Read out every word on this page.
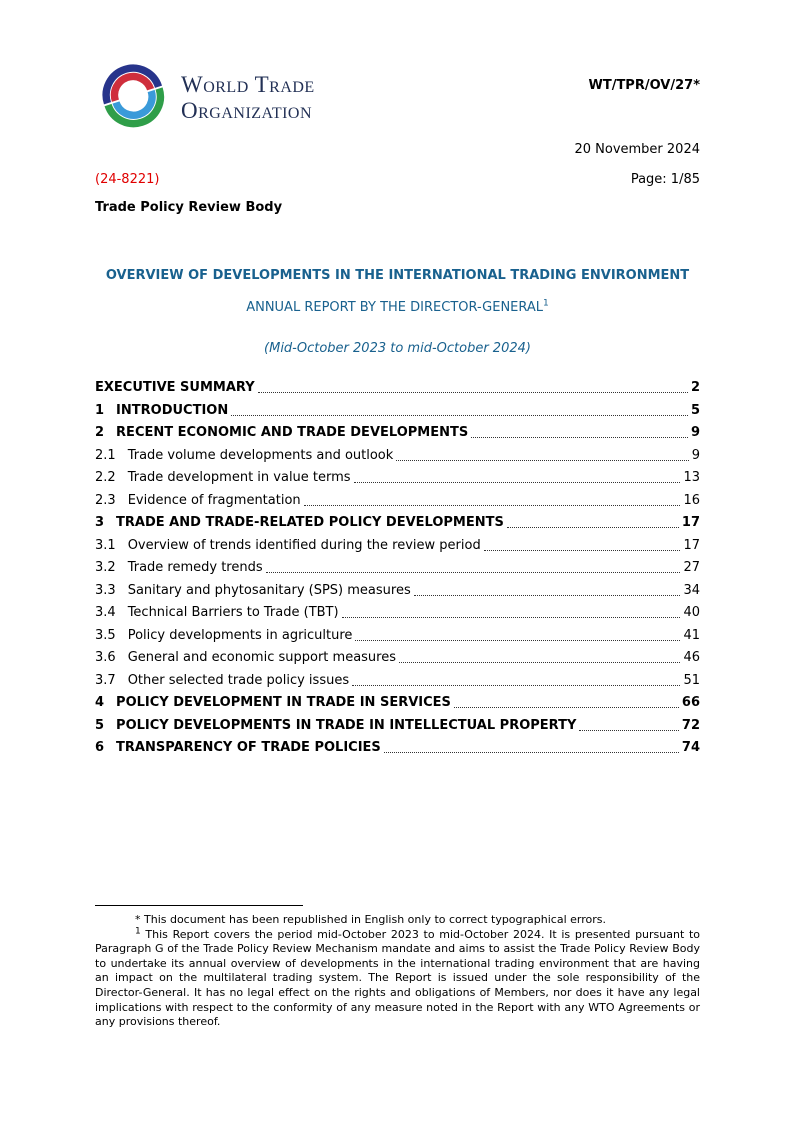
World Trade
Organization
WT/TPR/OV/27*
20 November 2024
(24-8221)	Page: 1/85
Trade Policy Review Body
OVERVIEW OF DEVELOPMENTS IN THE INTERNATIONAL TRADING ENVIRONMENT
ANNUAL REPORT BY THE DIRECTOR-GENERAL$^1$
(Mid-October 2023 to mid-October 2024)
EXECUTIVE SUMMARY	2
1 INTRODUCTION	5
2 RECENT ECONOMIC AND TRADE DEVELOPMENTS	9
2.1 Trade volume developments and outlook	9
2.2 Trade development in value terms	13
2.3 Evidence of fragmentation	16
3 TRADE AND TRADE-RELATED POLICY DEVELOPMENTS	17
3.1 Overview of trends identified during the review period	17
3.2 Trade remedy trends	27
3.3 Sanitary and phytosanitary (SPS) measures	34
3.4 Technical Barriers to Trade (TBT)	40
3.5 Policy developments in agriculture	41
3.6 General and economic support measures	46
3.7 Other selected trade policy issues	51
4 POLICY DEVELOPMENT IN TRADE IN SERVICES	66
5 POLICY DEVELOPMENTS IN TRADE IN INTELLECTUAL PROPERTY	72
6 TRANSPARENCY OF TRADE POLICIES	74

* This document has been republished in English only to correct typographical errors.

$^1$ This Report covers the period mid-October 2023 to mid-October 2024. It is presented pursuant to Paragraph G of the Trade Policy Review Mechanism mandate and aims to assist the Trade Policy Review Body to undertake its annual overview of developments in the international trading environment that are having an impact on the multilateral trading system. The Report is issued under the sole responsibility of the Director-General. It has no legal effect on the rights and obligations of Members, nor does it have any legal implications with respect to the conformity of any measure noted in the Report with any WTO Agreements or any provisions thereof.
